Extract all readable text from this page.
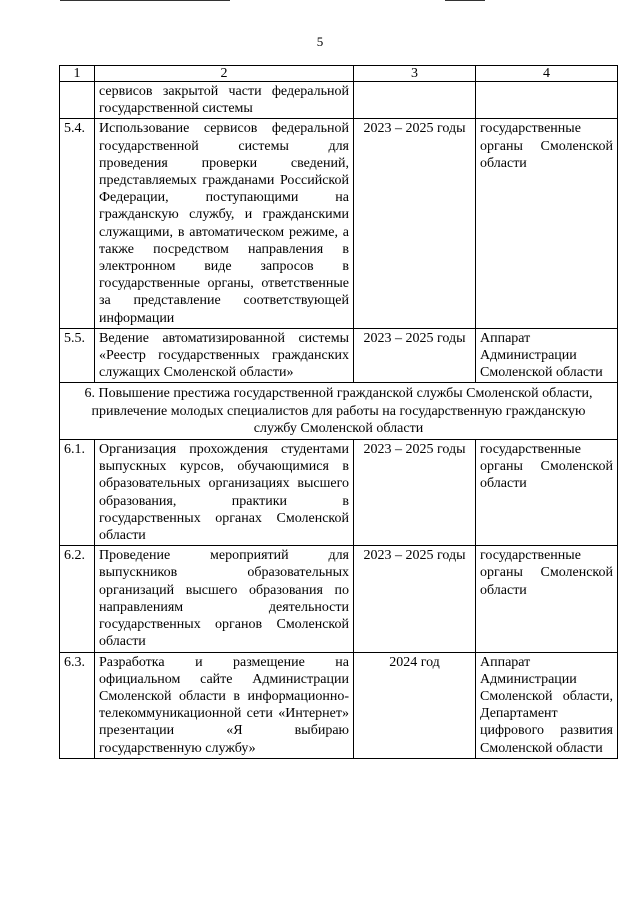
5
1	2	3	4
	сервисов закрытой части федеральной государственной системы		
5.4.	Использование сервисов федеральной государственной системы для проведения проверки сведений, представляемых гражданами Российской Федерации, поступающими на гражданскую службу, и гражданскими служащими, в автоматическом режиме, а также посредством направления в электронном виде запросов в государственные органы, ответственные за представление соответствующей информации	2023 – 2025 годы	государственные органы Смоленской области
5.5.	Ведение автоматизированной системы «Реестр государственных гражданских служащих Смоленской области»	2023 – 2025 годы	Аппарат Администрации Смоленской области
6. Повышение престижа государственной гражданской службы Смоленской области, привлечение молодых специалистов для работы на государственную гражданскую службу Смоленской области			
6.1.	Организация прохождения студентами выпускных курсов, обучающимися в образовательных организациях высшего образования, практики в государственных органах Смоленской области	2023 – 2025 годы	государственные органы Смоленской области
6.2.	Проведение мероприятий для выпускников образовательных организаций высшего образования по направлениям деятельности государственных органов Смоленской области	2023 – 2025 годы	государственные органы Смоленской области
6.3.	Разработка и размещение на официальном сайте Администрации Смоленской области в информационно-телекоммуникационной сети «Интернет» презентации «Я выбираю государственную службу»	2024 год	Аппарат Администрации Смоленской области, Департамент цифрового развития Смоленской области
